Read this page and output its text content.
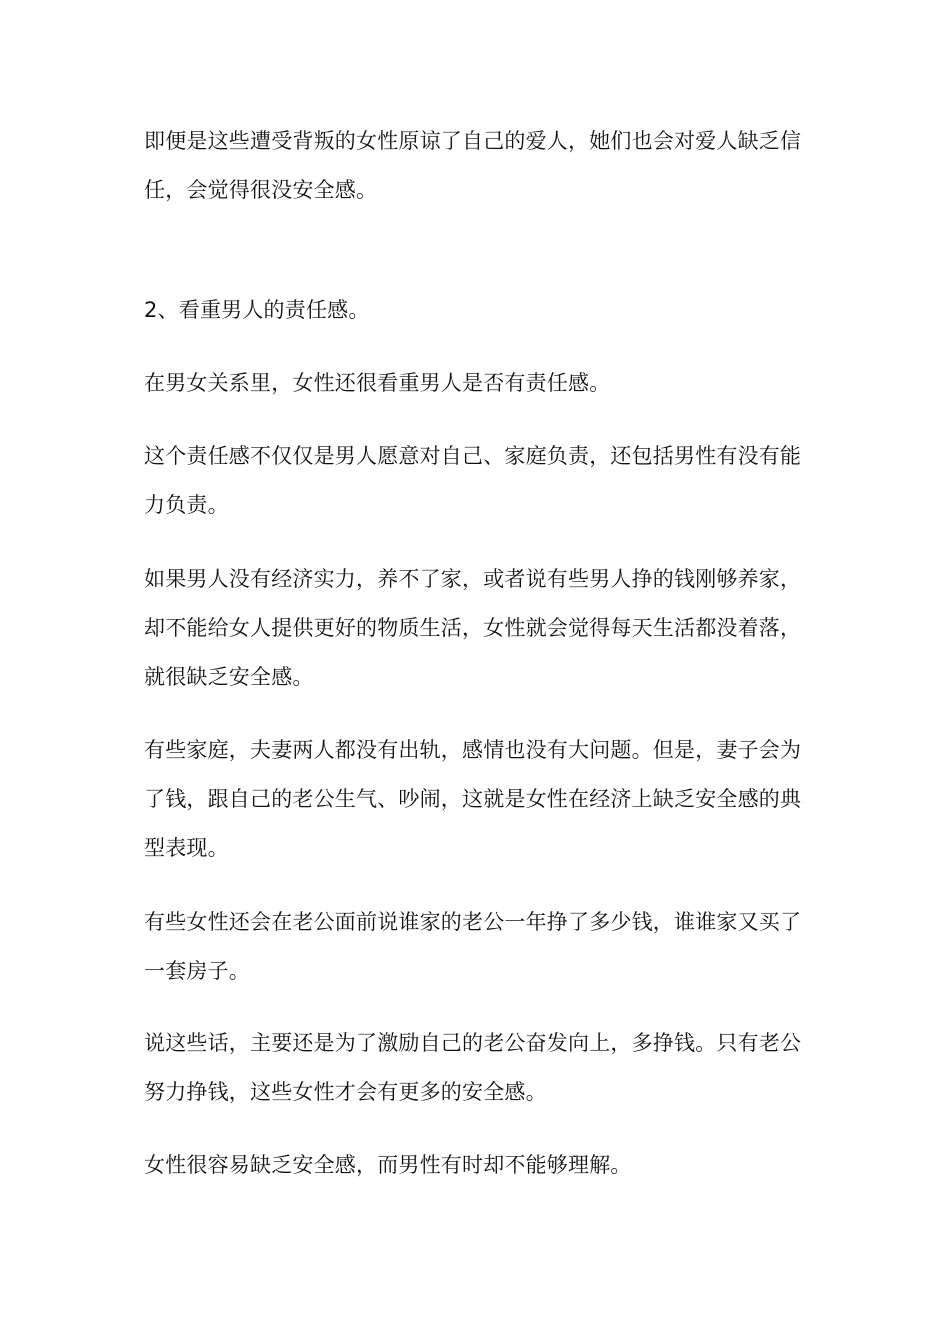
即便是这些遭受背叛的女性原谅了自己的爱人，她们也会对爱人缺乏信任，会觉得很没安全感。

2、看重男人的责任感。

在男女关系里，女性还很看重男人是否有责任感。

这个责任感不仅仅是男人愿意对自己、家庭负责，还包括男性有没有能力负责。

如果男人没有经济实力，养不了家，或者说有些男人挣的钱刚够养家，却不能给女人提供更好的物质生活，女性就会觉得每天生活都没着落，就很缺乏安全感。

有些家庭，夫妻两人都没有出轨，感情也没有大问题。但是，妻子会为了钱，跟自己的老公生气、吵闹，这就是女性在经济上缺乏安全感的典型表现。

有些女性还会在老公面前说谁家的老公一年挣了多少钱，谁谁家又买了一套房子。

说这些话，主要还是为了激励自己的老公奋发向上，多挣钱。只有老公努力挣钱，这些女性才会有更多的安全感。

女性很容易缺乏安全感，而男性有时却不能够理解。
